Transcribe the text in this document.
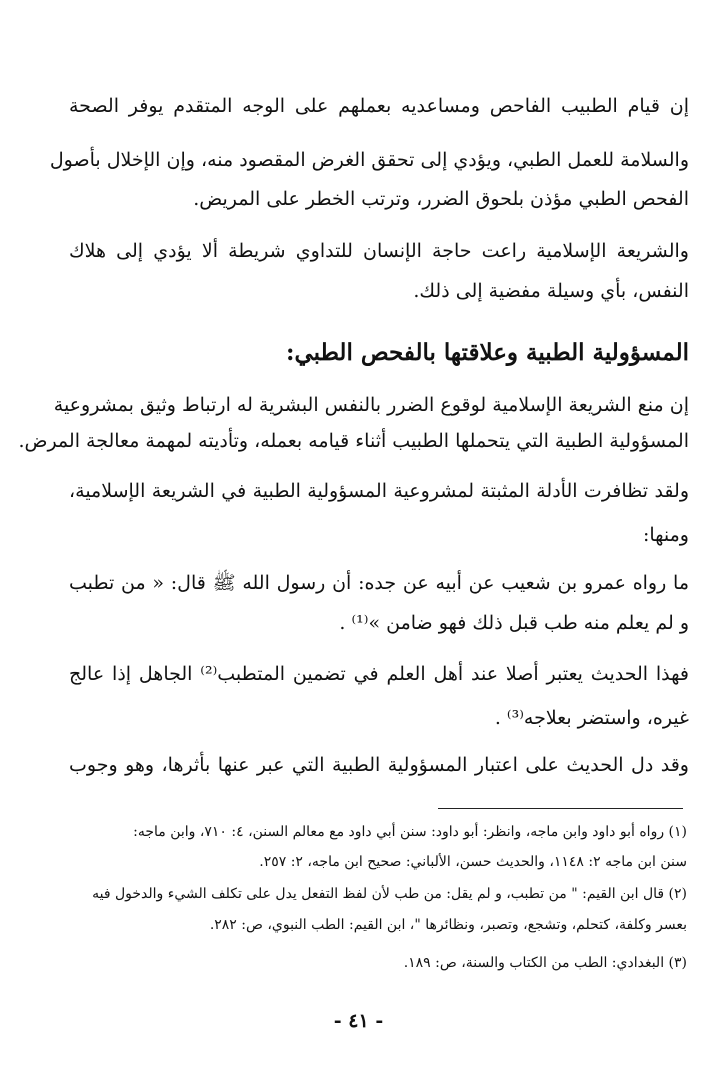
إن قيام الطبيب الفاحص ومساعديه بعملهم على الوجه المتقدم يوفر الصحة
والسلامة للعمل الطبي، ويؤدي إلى تحقق الغرض المقصود منه، وإن الإخلال بأصول
الفحص الطبي مؤذن بلحوق الضرر، وترتب الخطر على المريض.
والشريعة الإسلامية راعت حاجة الإنسان للتداوي شريطة ألا يؤدي إلى هلاك
النفس، بأي وسيلة مفضية إلى ذلك.
المسؤولية الطبية وعلاقتها بالفحص الطبي:
إن منع الشريعة الإسلامية لوقوع الضرر بالنفس البشرية له ارتباط وثيق بمشروعية
المسؤولية الطبية التي يتحملها الطبيب أثناء قيامه بعمله، وتأديته لمهمة معالجة المرض.
ولقد تظافرت الأدلة المثبتة لمشروعية المسؤولية الطبية في الشريعة الإسلامية،
ومنها:
ما رواه عمرو بن شعيب عن أبيه عن جده: أن رسول الله ﷺ قال: « من تطبب
و لم يعلم منه طب قبل ذلك فهو ضامن »⁽¹⁾ .
فهذا الحديث يعتبر أصلا عند أهل العلم في تضمين المتطبب⁽²⁾ الجاهل إذا عالج
غيره، واستضر بعلاجه⁽³⁾ .
وقد دل الحديث على اعتبار المسؤولية الطبية التي عبر عنها بأثرها، وهو وجوب
(١) رواه أبو داود وابن ماجه، وانظر: أبو داود: سنن أبي داود مع معالم السنن، ٤: ٧١٠، وابن ماجه:
سنن ابن ماجه ٢: ١١٤٨، والحديث حسن، الألباني: صحيح ابن ماجه، ٢: ٢٥٧.
(٢) قال ابن القيم: " من تطبب، و لم يقل: من طب لأن لفظ التفعل يدل على تكلف الشيء والدخول فيه
بعسر وكلفة، كتحلم، وتشجع، وتصبر، ونظائرها "، ابن القيم: الطب النبوي، ص: ٢٨٢.
(٣) البغدادي: الطب من الكتاب والسنة، ص: ١٨٩.
- ٤١ -
